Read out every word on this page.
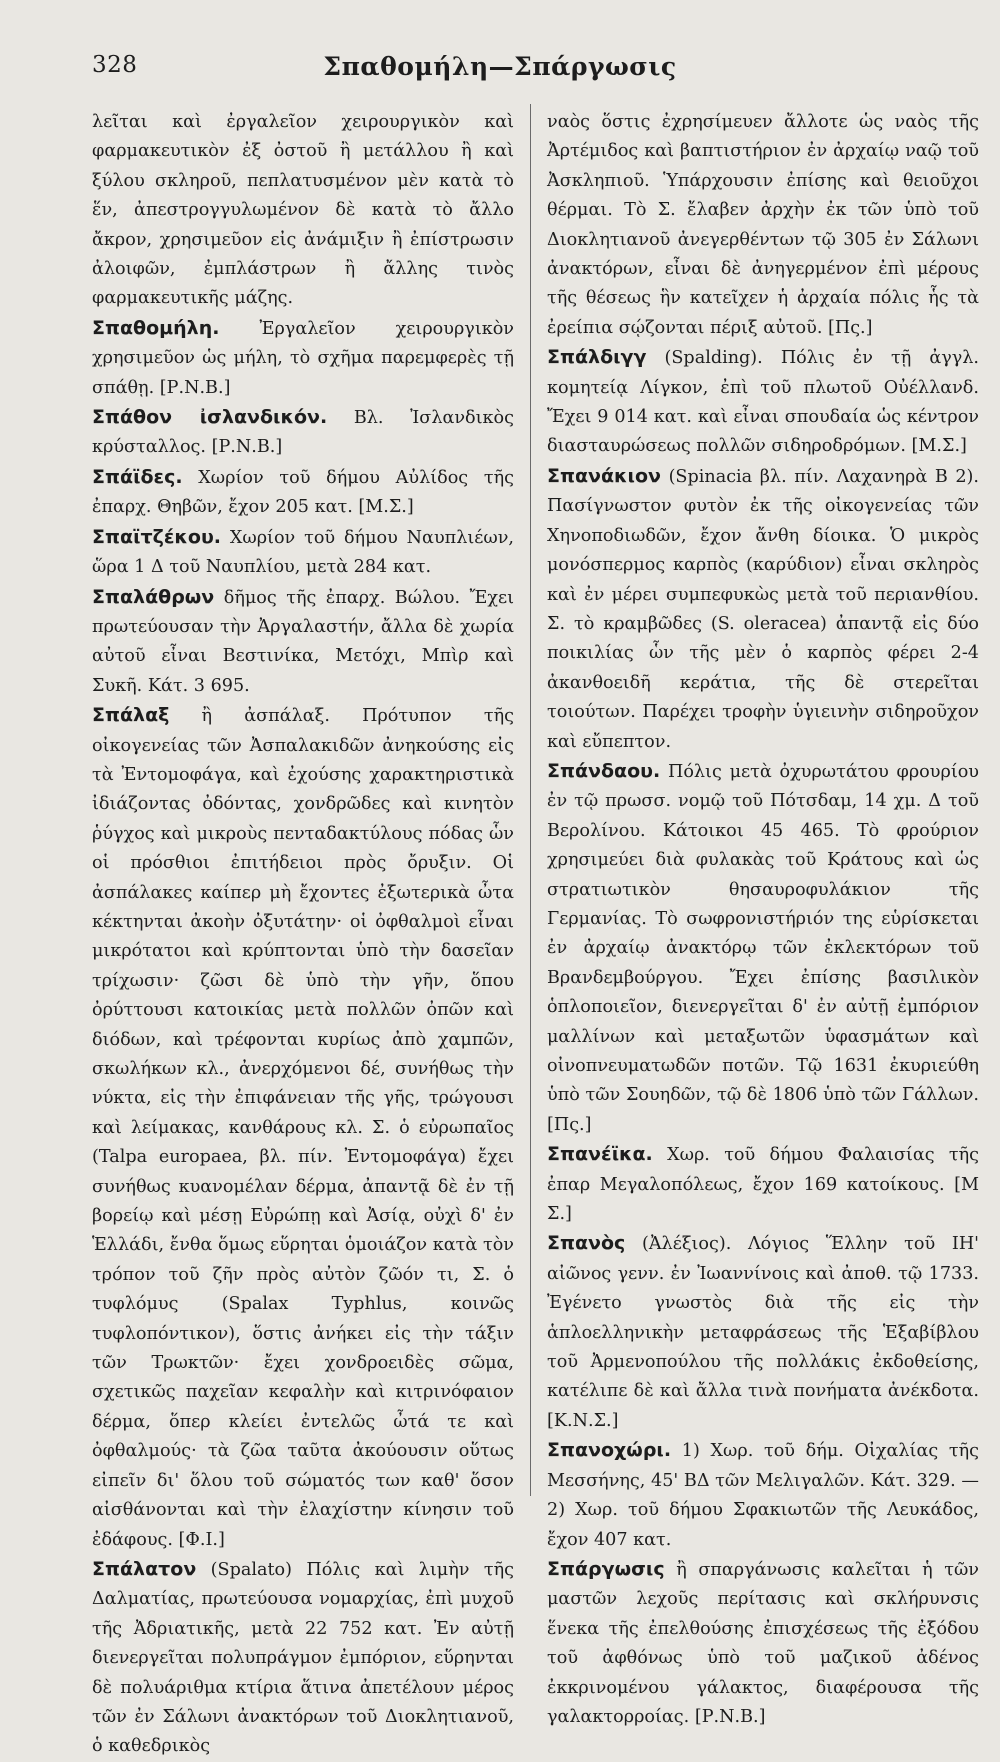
328	Σπαθομήλη—Σπάργωσις

λεῖται καὶ ἐργαλεῖον χειρουργικὸν καὶ φαρμακευτικὸν ἐξ ὀστοῦ ἢ μετάλλου ἢ καὶ ξύλου σκληροῦ, πεπλατυσμένον μὲν κατὰ τὸ ἕν, ἀπεστρογγυλωμένον δὲ κατὰ τὸ ἄλλο ἄκρον, χρησιμεῦον εἰς ἀνάμιξιν ἢ ἐπίστρωσιν ἀλοιφῶν, ἐμπλάστρων ἢ ἄλλης τινὸς φαρμακευτικῆς μάζης.

Σπαθομήλη. Ἐργαλεῖον χειρουργικὸν χρησιμεῦον ὡς μήλη, τὸ σχῆμα παρεμφερὲς τῇ σπάθῃ. [Ρ.Ν.Β.]

Σπάθον ἰσλανδικόν. Βλ. Ἰσλανδικὸς κρύσταλλος. [Ρ.Ν.Β.]

Σπάϊδες. Χωρίον τοῦ δήμου Αὐλίδος τῆς ἐπαρχ. Θηβῶν, ἔχον 205 κατ. [Μ.Σ.]

Σπαϊτζέκου. Χωρίον τοῦ δήμου Ναυπλιέων, ὥρα 1 Δ τοῦ Ναυπλίου, μετὰ 284 κατ.

Σπαλάθρων δῆμος τῆς ἐπαρχ. Βώλου. Ἔχει πρωτεύουσαν τὴν Ἀργαλαστήν, ἄλλα δὲ χωρία αὐτοῦ εἶναι Βεστινίκα, Μετόχι, Μπὶρ καὶ Συκῆ. Κάτ. 3 695.

Σπάλαξ ἢ ἀσπάλαξ. Πρότυπον τῆς οἰκογενείας τῶν Ἀσπαλακιδῶν ἀνηκούσης εἰς τὰ Ἐντομοφάγα, καὶ ἐχούσης χαρακτηριστικὰ ἰδιάζοντας ὀδόντας, χονδρῶδες καὶ κινητὸν ῥύγχος καὶ μικροὺς πενταδακτύλους πόδας ὧν οἱ πρόσθιοι ἐπιτήδειοι πρὸς ὄρυξιν. Οἱ ἀσπάλακες καίπερ μὴ ἔχοντες ἐξωτερικὰ ὦτα κέκτηνται ἀκοὴν ὀξυτάτην· οἱ ὀφθαλμοὶ εἶναι μικρότατοι καὶ κρύπτονται ὑπὸ τὴν δασεῖαν τρίχωσιν· ζῶσι δὲ ὑπὸ τὴν γῆν, ὅπου ὀρύττουσι κατοικίας μετὰ πολλῶν ὀπῶν καὶ διόδων, καὶ τρέφονται κυρίως ἀπὸ χαμπῶν, σκωλήκων κλ., ἀνερχόμενοι δέ, συνήθως τὴν νύκτα, εἰς τὴν ἐπιφάνειαν τῆς γῆς, τρώγουσι καὶ λείμακας, κανθάρους κλ. Σ. ὁ εὐρωπαῖος (Talpa europaea, βλ. πίν. Ἐντομοφάγα) ἔχει συνήθως κυανομέλαν δέρμα, ἀπαντᾷ δὲ ἐν τῇ βορείῳ καὶ μέσῃ Εὐρώπῃ καὶ Ἀσίᾳ, οὐχὶ δ' ἐν Ἑλλάδι, ἔνθα ὅμως εὕρηται ὁμοιάζον κατὰ τὸν τρόπον τοῦ ζῆν πρὸς αὐτὸν ζῶόν τι, Σ. ὁ τυφλόμυς (Spalax Typhlus, κοινῶς τυφλοπόντικον), ὅστις ἀνήκει εἰς τὴν τάξιν τῶν Τρωκτῶν· ἔχει χονδροειδὲς σῶμα, σχετικῶς παχεῖαν κεφαλὴν καὶ κιτρινόφαιον δέρμα, ὅπερ κλείει ἐντελῶς ὦτά τε καὶ ὀφθαλμούς· τὰ ζῶα ταῦτα ἀκούουσιν οὕτως εἰπεῖν δι' ὅλου τοῦ σώματός των καθ' ὅσον αἰσθάνονται καὶ τὴν ἐλαχίστην κίνησιν τοῦ ἐδάφους. [Φ.Ι.]

Σπάλατον (Spalato) Πόλις καὶ λιμὴν τῆς Δαλματίας, πρωτεύουσα νομαρχίας, ἐπὶ μυχοῦ τῆς Ἀδριατικῆς, μετὰ 22 752 κατ. Ἐν αὐτῇ διενεργεῖται πολυπράγμον ἐμπόριον, εὕρηνται δὲ πολυάριθμα κτίρια ἅτινα ἀπετέλουν μέρος τῶν ἐν Σάλωνι ἀνακτόρων τοῦ Διοκλητιανοῦ, ὁ καθεδρικὸς

ναὸς ὅστις ἐχρησίμευεν ἄλλοτε ὡς ναὸς τῆς Ἀρτέμιδος καὶ βαπτιστήριον ἐν ἀρχαίῳ ναῷ τοῦ Ἀσκληπιοῦ. Ὑπάρχουσιν ἐπίσης καὶ θειοῦχοι θέρμαι. Τὸ Σ. ἔλαβεν ἀρχὴν ἐκ τῶν ὑπὸ τοῦ Διοκλητιανοῦ ἀνεγερθέντων τῷ 305 ἐν Σάλωνι ἀνακτόρων, εἶναι δὲ ἀνηγερμένον ἐπὶ μέρους τῆς θέσεως ἣν κατεῖχεν ἡ ἀρχαία πόλις ἧς τὰ ἐρείπια σῴζονται πέριξ αὐτοῦ. [Πς.]

Σπάλδιγγ (Spalding). Πόλις ἐν τῇ ἀγγλ. κομητείᾳ Λίγκον, ἐπὶ τοῦ πλωτοῦ Οὐέλλανδ. Ἔχει 9 014 κατ. καὶ εἶναι σπουδαία ὡς κέντρον διασταυρώσεως πολλῶν σιδηροδρόμων. [Μ.Σ.]

Σπανάκιον (Spinacia βλ. πίν. Λαχανηρὰ Β 2). Πασίγνωστον φυτὸν ἐκ τῆς οἰκογενείας τῶν Χηνοποδιωδῶν, ἔχον ἄνθη δίοικα. Ὁ μικρὸς μονόσπερμος καρπὸς (καρύδιον) εἶναι σκληρὸς καὶ ἐν μέρει συμπεφυκὼς μετὰ τοῦ περιανθίου. Σ. τὸ κραμβῶδες (S. oleracea) ἀπαντᾷ εἰς δύο ποικιλίας ὧν τῆς μὲν ὁ καρπὸς φέρει 2-4 ἀκανθοειδῆ κεράτια, τῆς δὲ στερεῖται τοιούτων. Παρέχει τροφὴν ὑγιεινὴν σιδηροῦχον καὶ εὔπεπτον.

Σπάνδαου. Πόλις μετὰ ὀχυρωτάτου φρουρίου ἐν τῷ πρωσσ. νομῷ τοῦ Πότσδαμ, 14 χμ. Δ τοῦ Βερολίνου. Κάτοικοι 45 465. Τὸ φρούριον χρησιμεύει διὰ φυλακὰς τοῦ Κράτους καὶ ὡς στρατιωτικὸν θησαυροφυλάκιον τῆς Γερμανίας. Τὸ σωφρονιστήριόν της εὑρίσκεται ἐν ἀρχαίῳ ἀνακτόρῳ τῶν ἐκλεκτόρων τοῦ Βρανδεμβούργου. Ἔχει ἐπίσης βασιλικὸν ὁπλοποιεῖον, διενεργεῖται δ' ἐν αὐτῇ ἐμπόριον μαλλίνων καὶ μεταξωτῶν ὑφασμάτων καὶ οἰνοπνευματωδῶν ποτῶν. Τῷ 1631 ἐκυριεύθη ὑπὸ τῶν Σουηδῶν, τῷ δὲ 1806 ὑπὸ τῶν Γάλλων. [Πς.]

Σπανέϊκα. Χωρ. τοῦ δήμου Φαλαισίας τῆς ἐπαρ Μεγαλοπόλεως, ἔχον 169 κατοίκους. [Μ Σ.]

Σπανὸς (Ἀλέξιος). Λόγιος Ἕλλην τοῦ ΙΗ' αἰῶνος γενν. ἐν Ἰωαννίνοις καὶ ἀποθ. τῷ 1733. Ἐγένετο γνωστὸς διὰ τῆς εἰς τὴν ἁπλοελληνικὴν μεταφράσεως τῆς Ἑξαβίβλου τοῦ Ἀρμενοπούλου τῆς πολλάκις ἐκδοθείσης, κατέλιπε δὲ καὶ ἄλλα τινὰ πονήματα ἀνέκδοτα. [Κ.Ν.Σ.]

Σπανοχώρι. 1) Χωρ. τοῦ δήμ. Οἰχαλίας τῆς Μεσσήνης, 45' ΒΔ τῶν Μελιγαλῶν. Κάτ. 329. — 2) Χωρ. τοῦ δήμου Σφακιωτῶν τῆς Λευκάδος, ἔχον 407 κατ.

Σπάργωσις ἢ σπαργάνωσις καλεῖται ἡ τῶν μαστῶν λεχοῦς περίτασις καὶ σκλήρυνσις ἕνεκα τῆς ἐπελθούσης ἐπισχέσεως τῆς ἐξόδου τοῦ ἀφθόνως ὑπὸ τοῦ μαζικοῦ ἀδένος ἐκκρινομένου γάλακτος, διαφέρουσα τῆς γαλακτορροίας. [Ρ.Ν.Β.]
